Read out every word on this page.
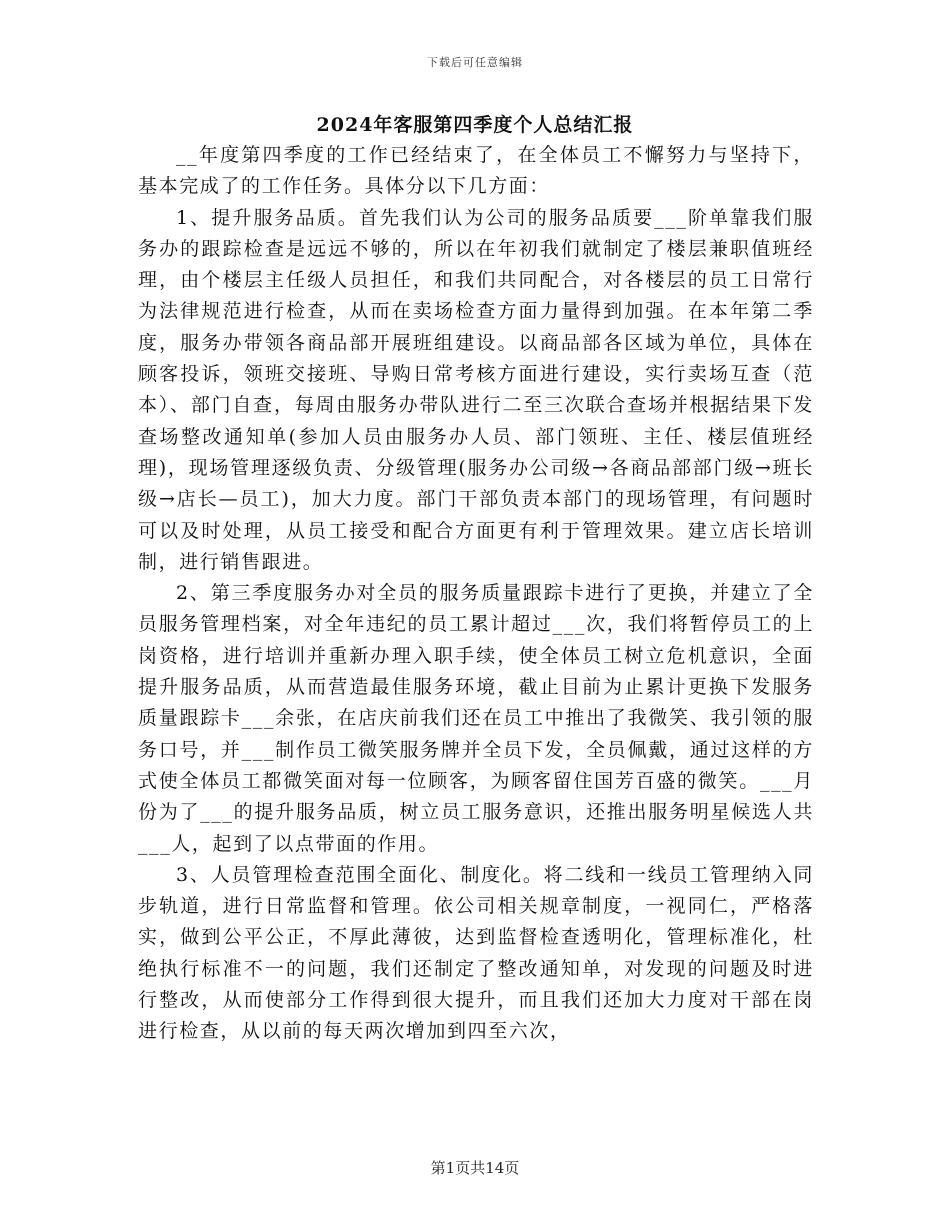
下载后可任意编辑
2024年客服第四季度个人总结汇报

__年度第四季度的工作已经结束了，在全体员工不懈努力与坚持下，基本完成了的工作任务。具体分以下几方面：

1、提升服务品质。首先我们认为公司的服务品质要___阶单靠我们服务办的跟踪检查是远远不够的，所以在年初我们就制定了楼层兼职值班经理，由个楼层主任级人员担任，和我们共同配合，对各楼层的员工日常行为法律规范进行检查，从而在卖场检查方面力量得到加强。在本年第二季度，服务办带领各商品部开展班组建设。以商品部各区域为单位，具体在顾客投诉，领班交接班、导购日常考核方面进行建设，实行卖场互查（范本）、部门自查，每周由服务办带队进行二至三次联合查场并根据结果下发查场整改通知单(参加人员由服务办人员、部门领班、主任、楼层值班经理)，现场管理逐级负责、分级管理(服务办公司级→各商品部部门级→班长级→店长—员工)，加大力度。部门干部负责本部门的现场管理，有问题时可以及时处理，从员工接受和配合方面更有利于管理效果。建立店长培训制，进行销售跟进。

2、第三季度服务办对全员的服务质量跟踪卡进行了更换，并建立了全员服务管理档案，对全年违纪的员工累计超过___次，我们将暂停员工的上岗资格，进行培训并重新办理入职手续，使全体员工树立危机意识，全面提升服务品质，从而营造最佳服务环境，截止目前为止累计更换下发服务质量跟踪卡___余张，在店庆前我们还在员工中推出了我微笑、我引领的服务口号，并___制作员工微笑服务牌并全员下发，全员佩戴，通过这样的方式使全体员工都微笑面对每一位顾客，为顾客留住国芳百盛的微笑。___月份为了___的提升服务品质，树立员工服务意识，还推出服务明星候选人共___人，起到了以点带面的作用。

3、人员管理检查范围全面化、制度化。将二线和一线员工管理纳入同步轨道，进行日常监督和管理。依公司相关规章制度，一视同仁，严格落实，做到公平公正，不厚此薄彼，达到监督检查透明化，管理标准化，杜绝执行标准不一的问题，我们还制定了整改通知单，对发现的问题及时进行整改，从而使部分工作得到很大提升，而且我们还加大力度对干部在岗进行检查，从以前的每天两次增加到四至六次，

第1页共14页
